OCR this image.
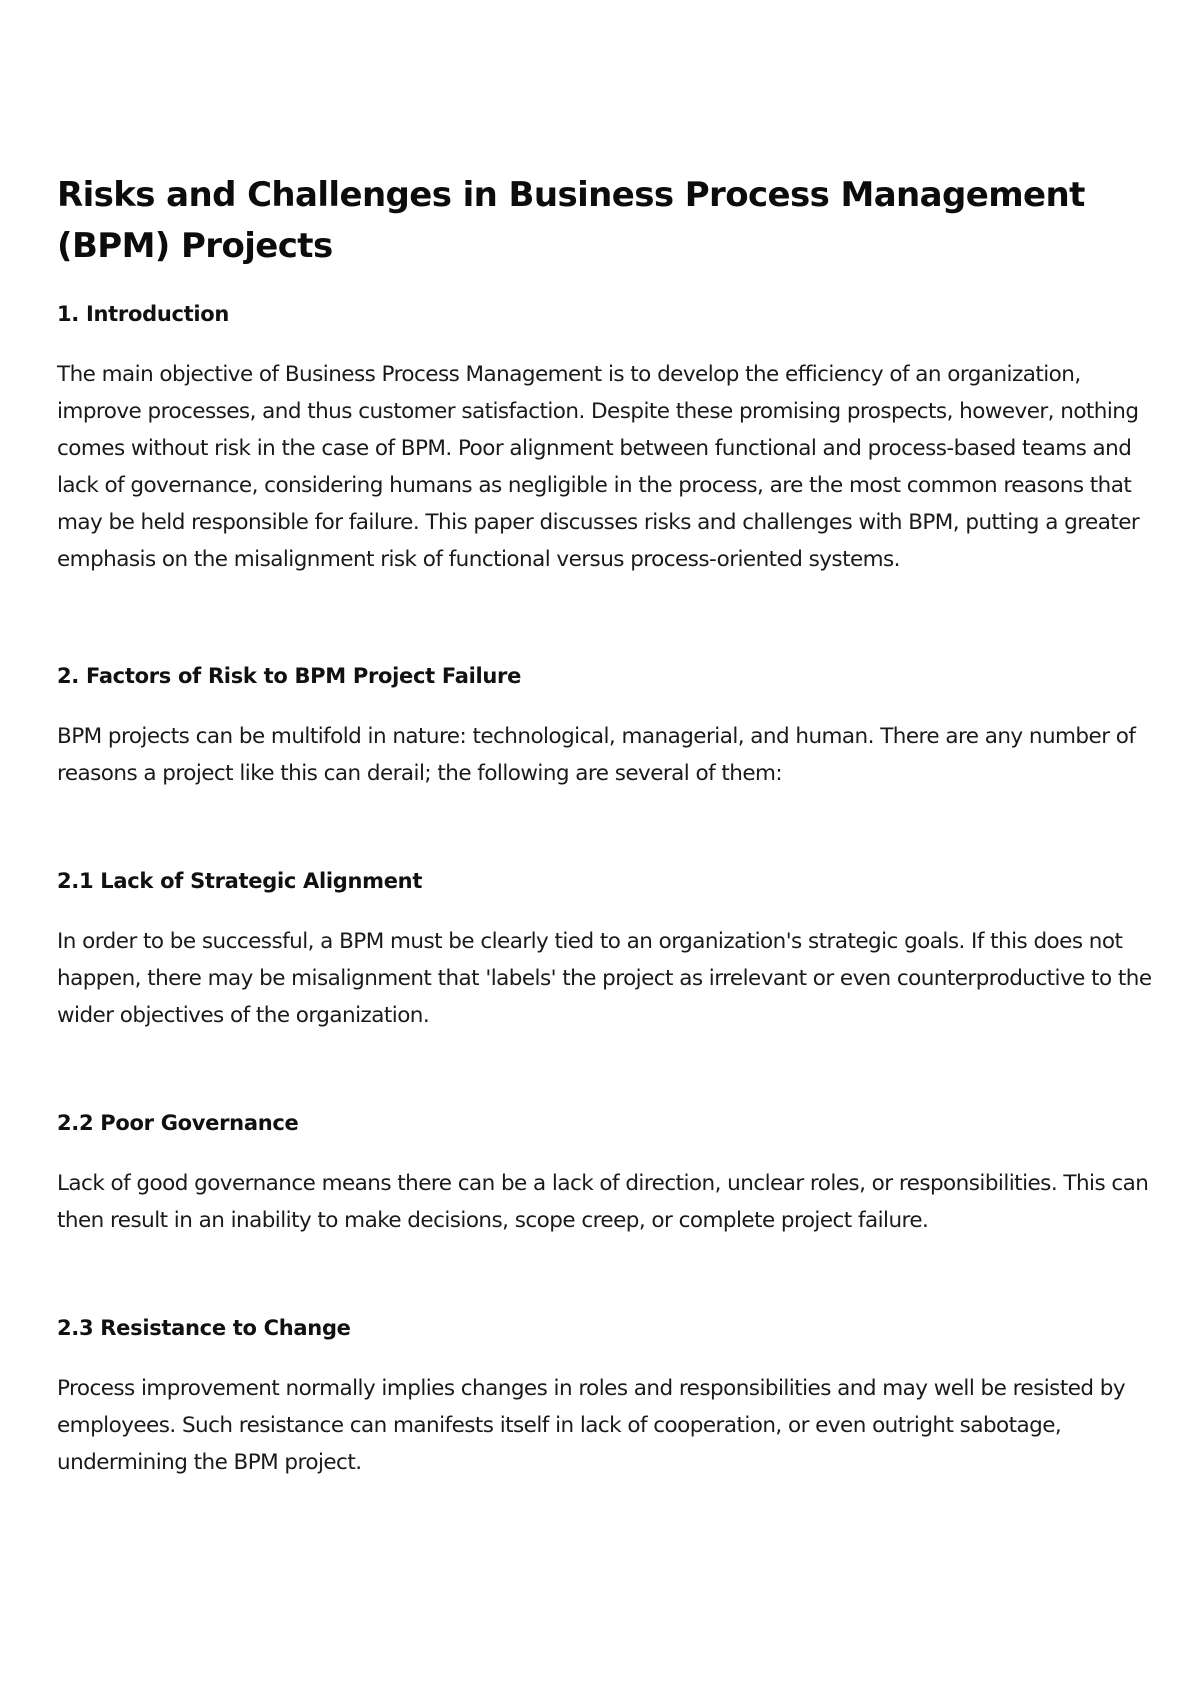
Risks and Challenges in Business Process Management (BPM) Projects
1. Introduction

The main objective of Business Process Management is to develop the efficiency of an organization, improve processes, and thus customer satisfaction. Despite these promising prospects, however, nothing comes without risk in the case of BPM. Poor alignment between functional and process-based teams and lack of governance, considering humans as negligible in the process, are the most common reasons that may be held responsible for failure. This paper discusses risks and challenges with BPM, putting a greater emphasis on the misalignment risk of functional versus process-oriented systems.

2. Factors of Risk to BPM Project Failure

BPM projects can be multifold in nature: technological, managerial, and human. There are any number of reasons a project like this can derail; the following are several of them:

2.1 Lack of Strategic Alignment

In order to be successful, a BPM must be clearly tied to an organization's strategic goals. If this does not happen, there may be misalignment that 'labels' the project as irrelevant or even counterproductive to the wider objectives of the organization.

2.2 Poor Governance

Lack of good governance means there can be a lack of direction, unclear roles, or responsibilities. This can then result in an inability to make decisions, scope creep, or complete project failure.

2.3 Resistance to Change

Process improvement normally implies changes in roles and responsibilities and may well be resisted by employees. Such resistance can manifests itself in lack of cooperation, or even outright sabotage, undermining the BPM project.
